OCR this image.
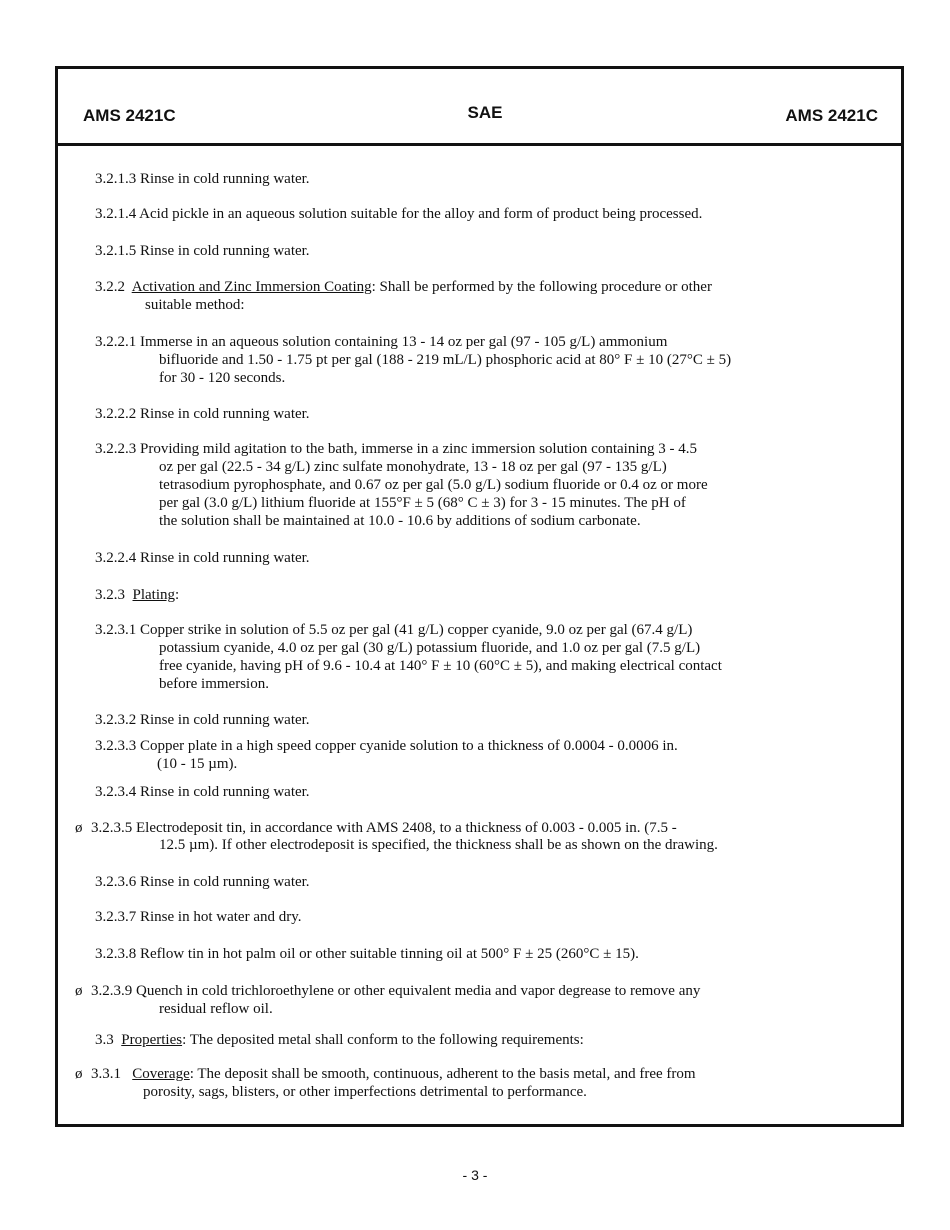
AMS 2421C	SAE	AMS 2421C
3.2.1.3 Rinse in cold running water.
3.2.1.4 Acid pickle in an aqueous solution suitable for the alloy and form of product being processed.
3.2.1.5 Rinse in cold running water.
3.2.2 Activation and Zinc Immersion Coating: Shall be performed by the following procedure or other
suitable method:
3.2.2.1 Immerse in an aqueous solution containing 13 - 14 oz per gal (97 - 105 g/L) ammonium
bifluoride and 1.50 - 1.75 pt per gal (188 - 219 mL/L) phosphoric acid at 80° F ± 10 (27°C ± 5)
for 30 - 120 seconds.
3.2.2.2 Rinse in cold running water.
3.2.2.3 Providing mild agitation to the bath, immerse in a zinc immersion solution containing 3 - 4.5
oz per gal (22.5 - 34 g/L) zinc sulfate monohydrate, 13 - 18 oz per gal (97 - 135 g/L)
tetrasodium pyrophosphate, and 0.67 oz per gal (5.0 g/L) sodium fluoride or 0.4 oz or more
per gal (3.0 g/L) lithium fluoride at 155°F ± 5 (68° C ± 3) for 3 - 15 minutes. The pH of
the solution shall be maintained at 10.0 - 10.6 by additions of sodium carbonate.
3.2.2.4 Rinse in cold running water.
3.2.3 Plating:
3.2.3.1 Copper strike in solution of 5.5 oz per gal (41 g/L) copper cyanide, 9.0 oz per gal (67.4 g/L)
potassium cyanide, 4.0 oz per gal (30 g/L) potassium fluoride, and 1.0 oz per gal (7.5 g/L)
free cyanide, having pH of 9.6 - 10.4 at 140° F ± 10 (60°C ± 5), and making electrical contact
before immersion.
3.2.3.2 Rinse in cold running water.
3.2.3.3 Copper plate in a high speed copper cyanide solution to a thickness of 0.0004 - 0.0006 in.
(10 - 15 µm).
3.2.3.4 Rinse in cold running water.
ø 3.2.3.5 Electrodeposit tin, in accordance with AMS 2408, to a thickness of 0.003 - 0.005 in. (7.5 -
12.5 µm). If other electrodeposit is specified, the thickness shall be as shown on the drawing.
3.2.3.6 Rinse in cold running water.
3.2.3.7 Rinse in hot water and dry.
3.2.3.8 Reflow tin in hot palm oil or other suitable tinning oil at 500° F ± 25 (260°C ± 15).
ø 3.2.3.9 Quench in cold trichloroethylene or other equivalent media and vapor degrease to remove any
residual reflow oil.
3.3 Properties: The deposited metal shall conform to the following requirements:
ø 3.3.1 Coverage: The deposit shall be smooth, continuous, adherent to the basis metal, and free from
porosity, sags, blisters, or other imperfections detrimental to performance.
- 3 -
